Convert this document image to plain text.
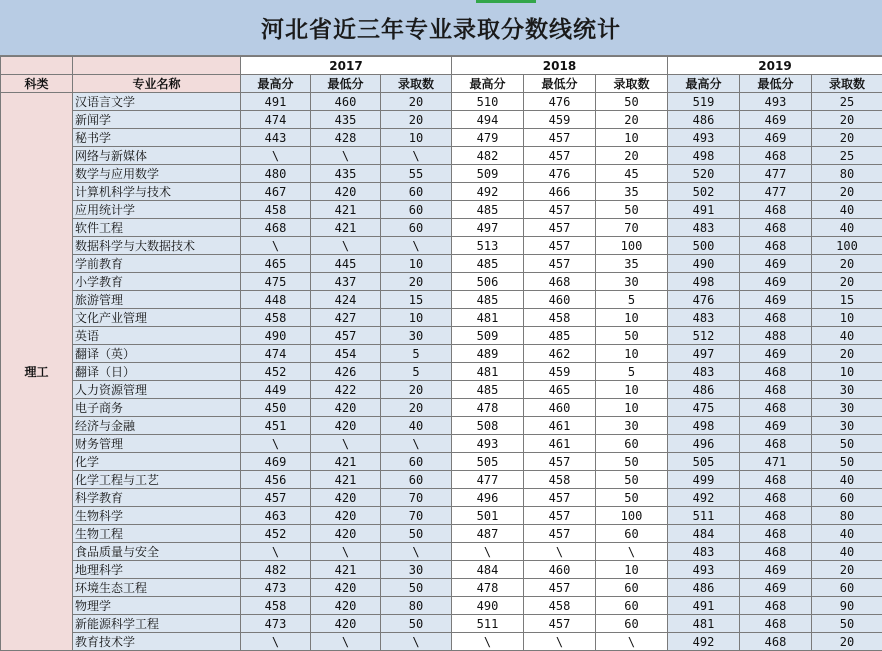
河北省近三年专业录取分数线统计
		2017			2018			2019		
科类	专业名称	最高分	最低分	录取数	最高分	最低分	录取数	最高分	最低分	录取数
理工	汉语言文学	491	460	20	510	476	50	519	493	25
	新闻学	474	435	20	494	459	20	486	469	20
	秘书学	443	428	10	479	457	10	493	469	20
	网络与新媒体	\	\	\	482	457	20	498	468	25
	数学与应用数学	480	435	55	509	476	45	520	477	80
	计算机科学与技术	467	420	60	492	466	35	502	477	20
	应用统计学	458	421	60	485	457	50	491	468	40
	软件工程	468	421	60	497	457	70	483	468	40
	数据科学与大数据技术	\	\	\	513	457	100	500	468	100
	学前教育	465	445	10	485	457	35	490	469	20
	小学教育	475	437	20	506	468	30	498	469	20
	旅游管理	448	424	15	485	460	5	476	469	15
	文化产业管理	458	427	10	481	458	10	483	468	10
	英语	490	457	30	509	485	50	512	488	40
	翻译（英）	474	454	5	489	462	10	497	469	20
	翻译（日）	452	426	5	481	459	5	483	468	10
	人力资源管理	449	422	20	485	465	10	486	468	30
	电子商务	450	420	20	478	460	10	475	468	30
	经济与金融	451	420	40	508	461	30	498	469	30
	财务管理	\	\	\	493	461	60	496	468	50
	化学	469	421	60	505	457	50	505	471	50
	化学工程与工艺	456	421	60	477	458	50	499	468	40
	科学教育	457	420	70	496	457	50	492	468	60
	生物科学	463	420	70	501	457	100	511	468	80
	生物工程	452	420	50	487	457	60	484	468	40
	食品质量与安全	\	\	\	\	\	\	483	468	40
	地理科学	482	421	30	484	460	10	493	469	20
	环境生态工程	473	420	50	478	457	60	486	469	60
	物理学	458	420	80	490	458	60	491	468	90
	新能源科学工程	473	420	50	511	457	60	481	468	50
	教育技术学	\	\	\	\	\	\	492	468	20
